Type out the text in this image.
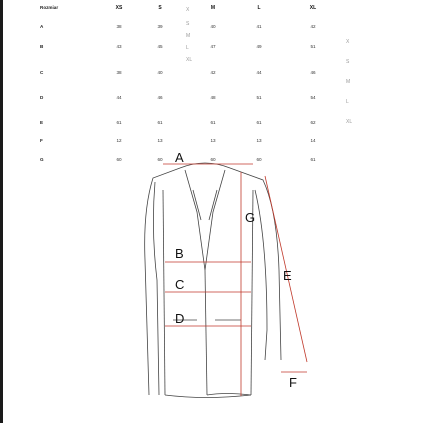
Rozmiar	XS	S	M	L	XL
A	38	39	40	41	42
B	43	45	47	49	51
C	38	40	42	44	46
D	44	46	48	51	54
E	61	61	61	61	62
F	12	13	13	13	14
G	60	60	60	60	61
X
S
M
L
XL
X
S
M
L
XL
A
B
C
D
E
F
G
